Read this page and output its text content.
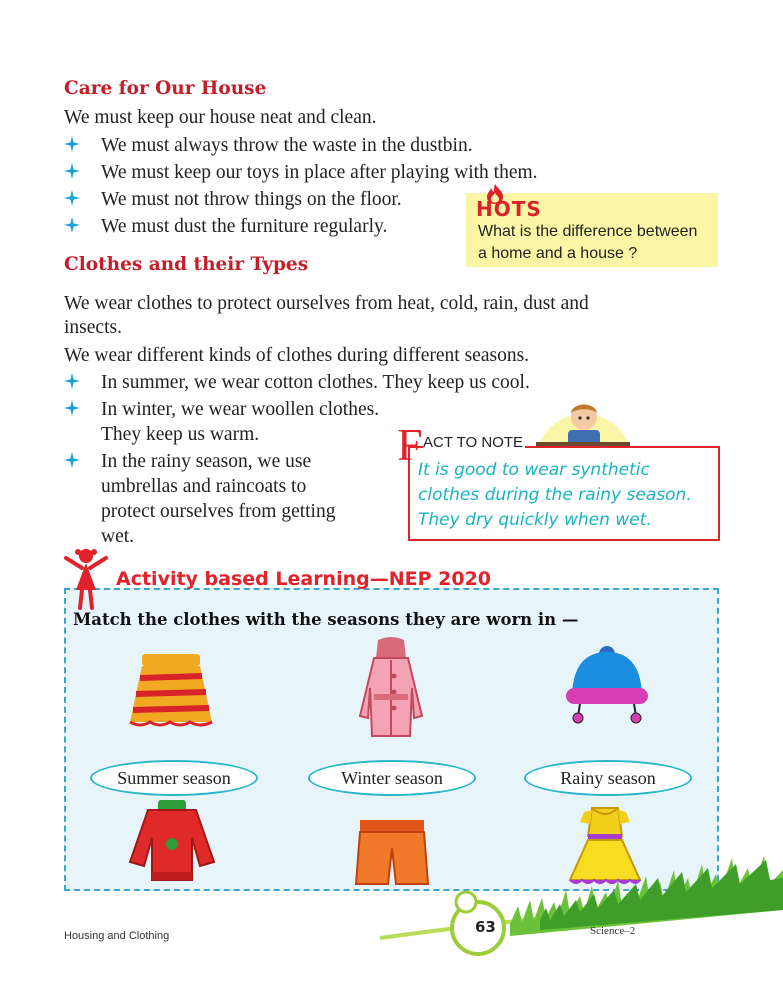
Care for Our House
We must keep our house neat and clean.
We must always throw the waste in the dustbin.
We must keep our toys in place after playing with them.
We must not throw things on the floor.
We must dust the furniture regularly.
HOTS
What is the difference between
a home and a house ?
Clothes and their Types
We wear clothes to protect ourselves from heat, cold, rain, dust and
insects.
We wear different kinds of clothes during different seasons.
In summer, we wear cotton clothes. They keep us cool.
In winter, we wear woollen clothes.
They keep us warm.
In the rainy season, we use
umbrellas and raincoats to
protect ourselves from getting
wet.
F ACT TO NOTE
It is good to wear synthetic
clothes during the rainy season.
They dry quickly when wet.
Activity based Learning—NEP 2020
Match the clothes with the seasons they are worn in —
Summer season	Winter season	Rainy season
63
Housing and Clothing	Science–2
